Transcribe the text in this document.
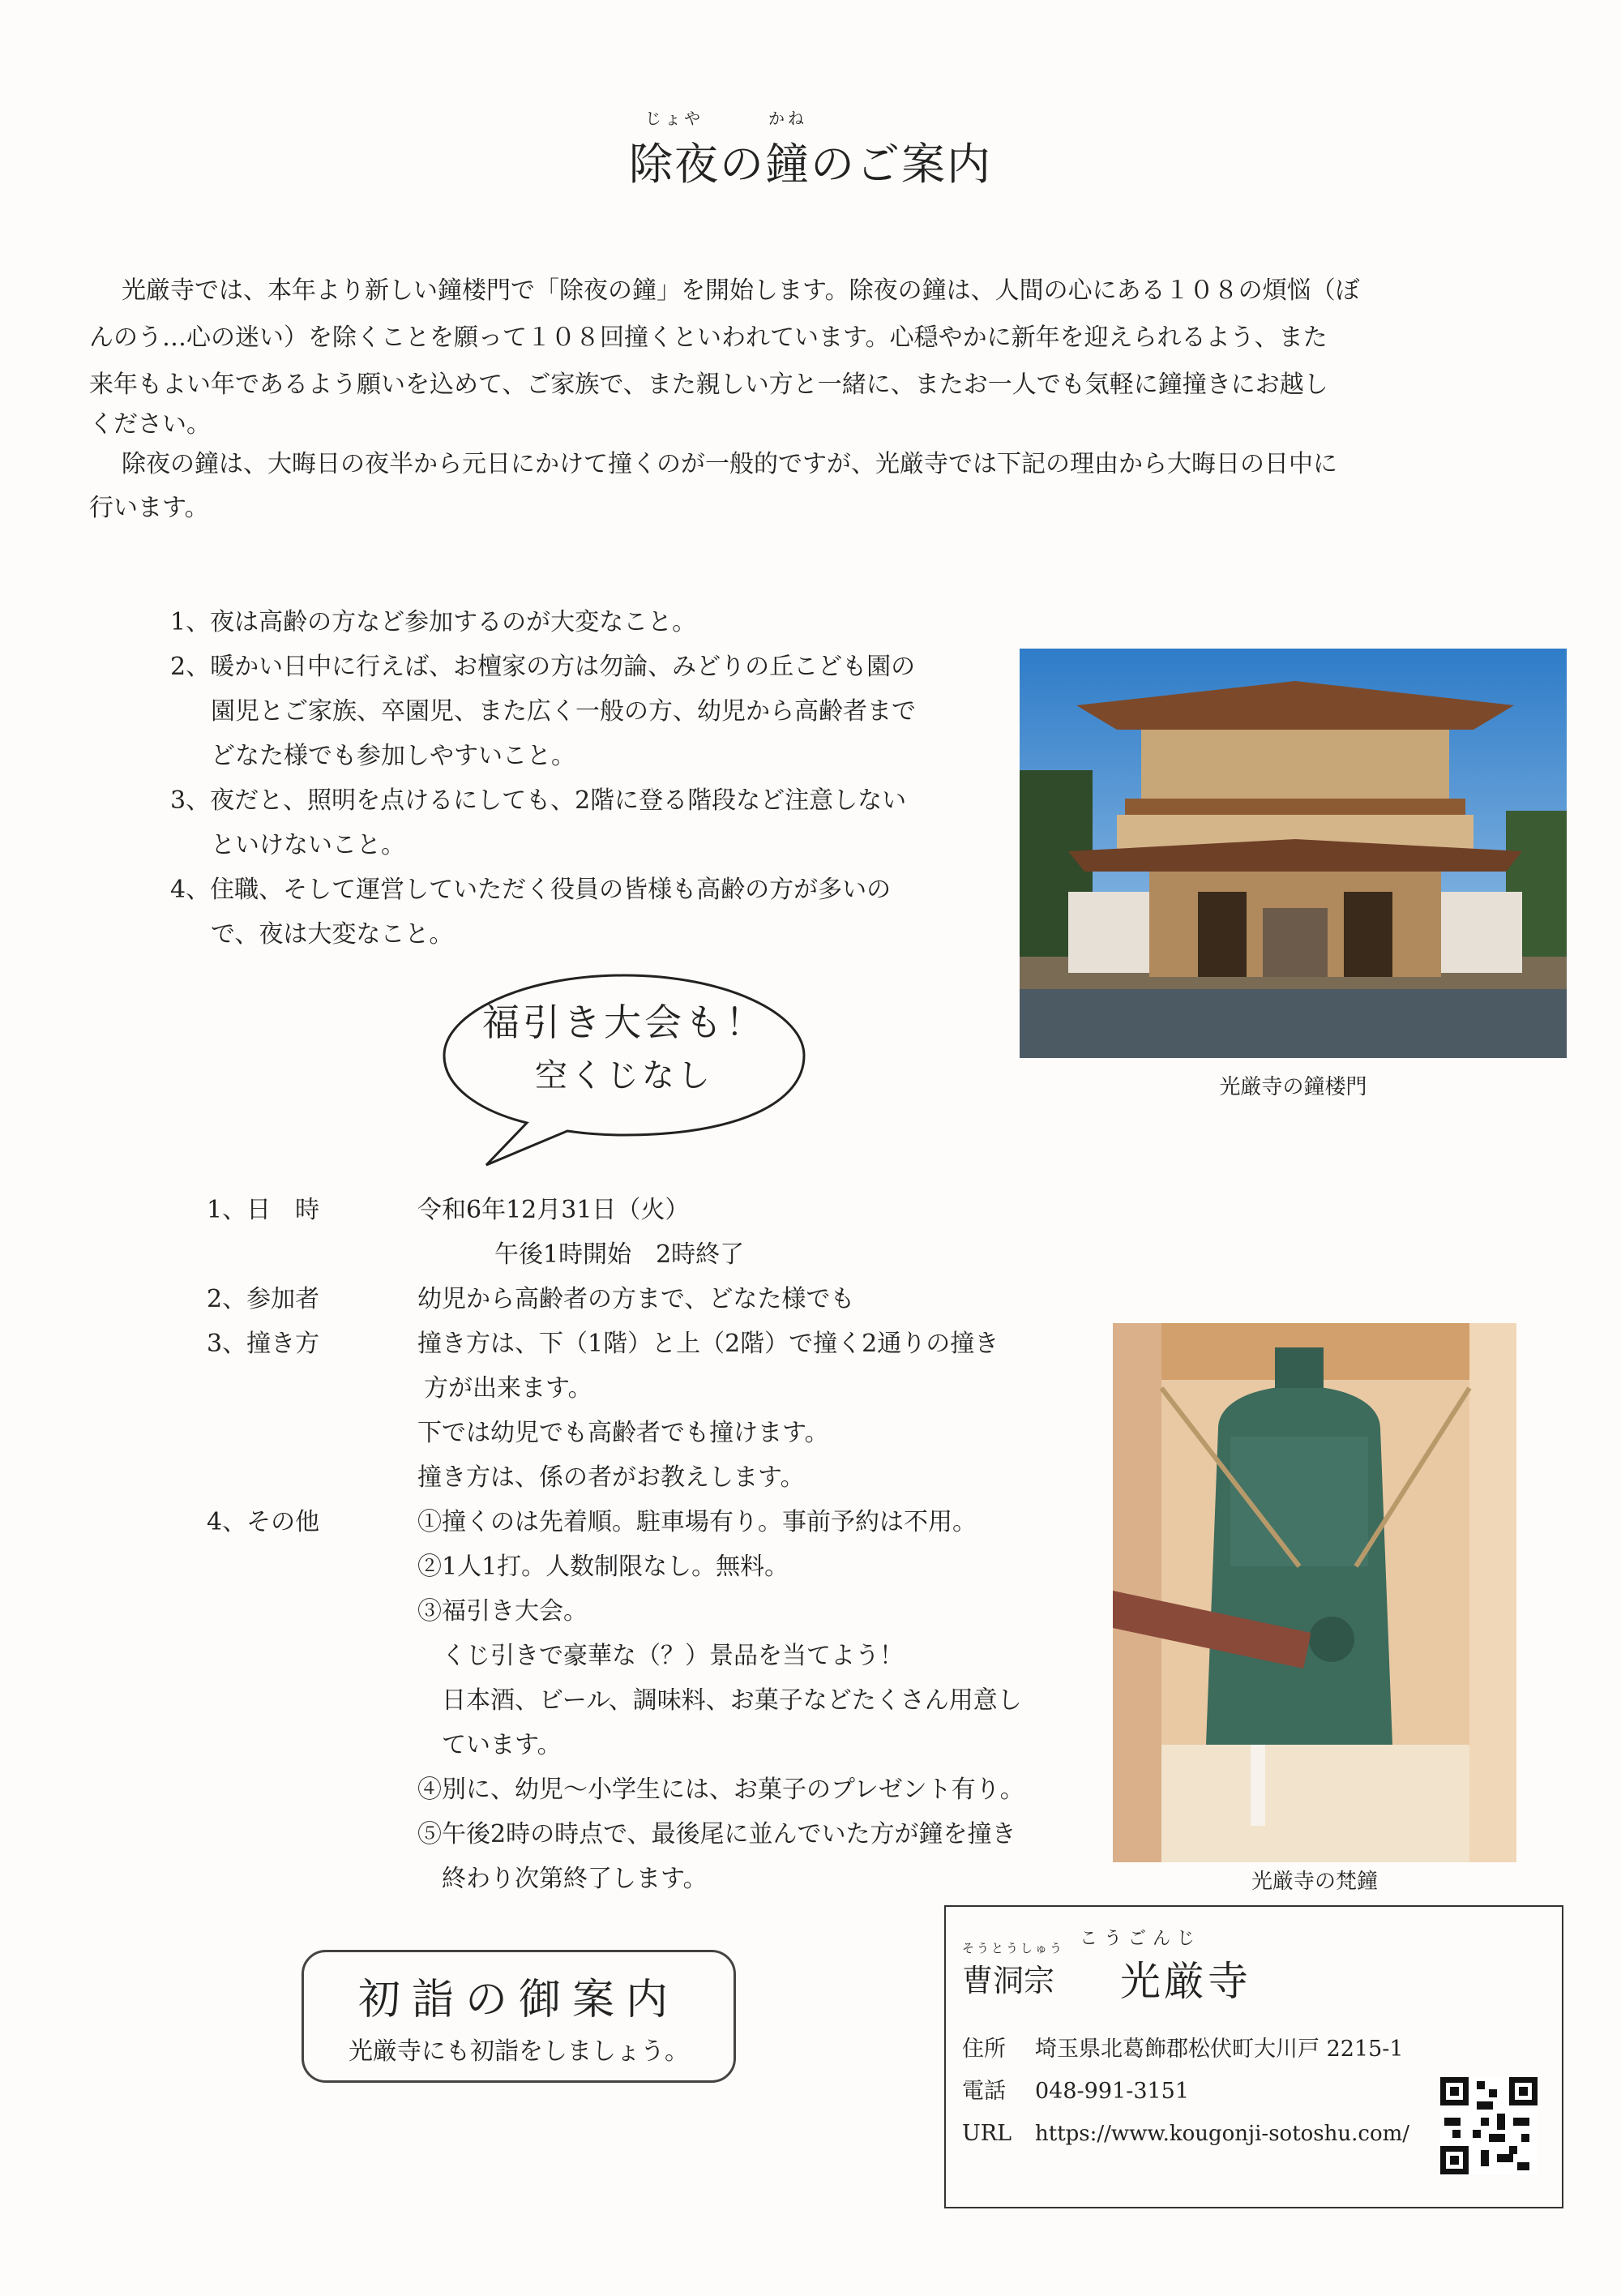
じょや
除夜の
かね
鐘のご案内

光厳寺では、本年より新しい鐘楼門で「除夜の鐘」を開始します。除夜の鐘は、人間の心にある１０８の煩悩（ぼ

んのう…心の迷い）を除くことを願って１０８回撞くといわれています。心穏やかに新年を迎えられるよう、また

来年もよい年であるよう願いを込めて、ご家族で、また親しい方と一緒に、またお一人でも気軽に鐘撞きにお越し

ください。

除夜の鐘は、大晦日の夜半から元日にかけて撞くのが一般的ですが、光厳寺では下記の理由から大晦日の日中に

行います。

1、夜は高齢の方など参加するのが大変なこと。
2、暖かい日中に行えば、お檀家の方は勿論、みどりの丘こども園の
園児とご家族、卒園児、また広く一般の方、幼児から高齢者まで
どなた様でも参加しやすいこと。
3、夜だと、照明を点けるにしても、2階に登る階段など注意しない
といけないこと。
4、住職、そして運営していただく役員の皆様も高齢の方が多いの
で、夜は大変なこと。
光厳寺の鐘楼門
福引き大会も！
空くじなし
1、日　時	令和6年12月31日（火）
午後1時開始　2時終了
2、参加者	幼児から高齢者の方まで、どなた様でも
3、撞き方	撞き方は、下（1階）と上（2階）で撞く2通りの撞き
方が出来ます。
下では幼児でも高齢者でも撞けます。
撞き方は、係の者がお教えします。
4、その他	①撞くのは先着順。駐車場有り。事前予約は不用。
②1人1打。人数制限なし。無料。
③福引き大会。
くじ引きで豪華な（？）景品を当てよう！
日本酒、ビール、調味料、お菓子などたくさん用意し
ています。
④別に、幼児～小学生には、お菓子のプレゼント有り。
⑤午後2時の時点で、最後尾に並んでいた方が鐘を撞き
終わり次第終了します。	光厳寺の梵鐘
初詣の御案内
光厳寺にも初詣をしましょう。
そうとうしゅう
曹洞宗
こうごんじ
光厳寺
住所 埼玉県北葛飾郡松伏町大川戸 2215-1
電話 048-991-3151
URL https://www.kougonji-sotoshu.com/
